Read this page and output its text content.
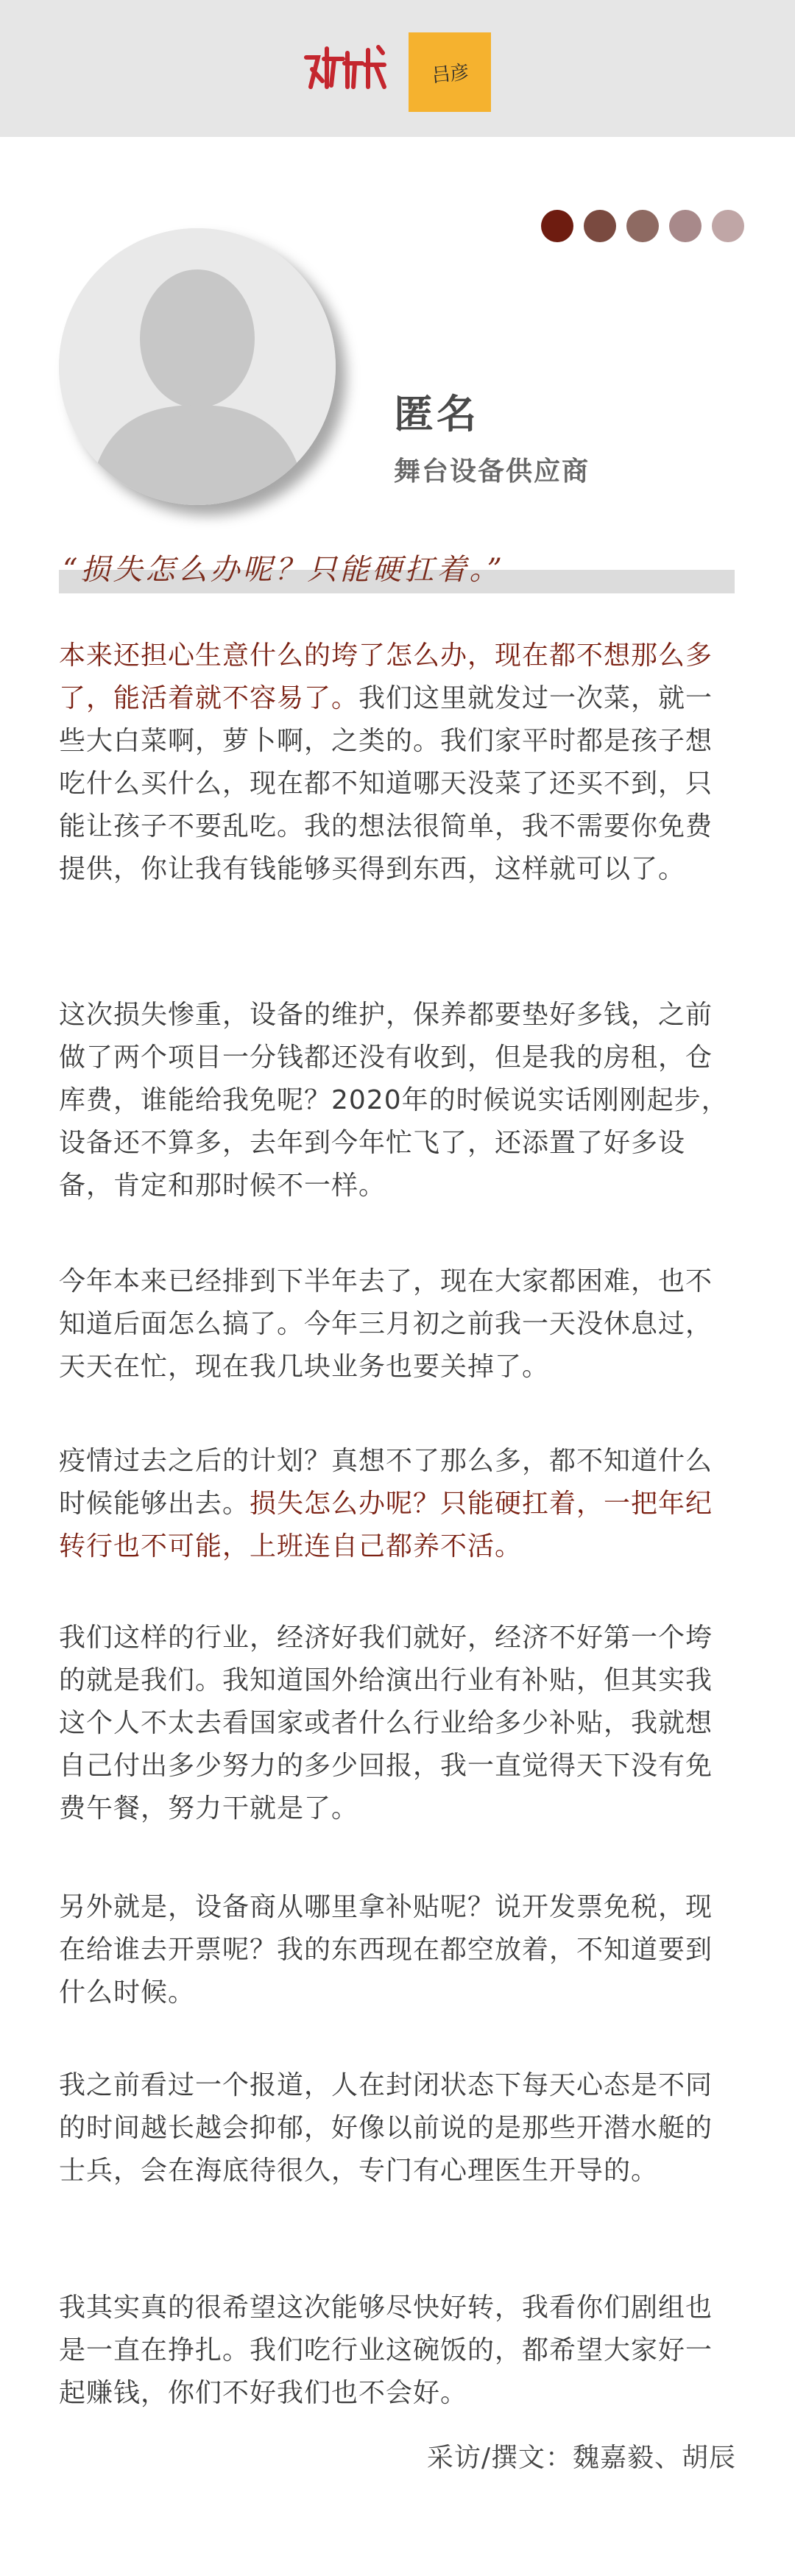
吕彦
匿名
舞台设备供应商
“损失怎么办呢？只能硬扛着。”

本来还担心生意什么的垮了怎么办，现在都不想那么多了，能活着就不容易了。我们这里就发过一次菜，就一些大白菜啊，萝卜啊，之类的。我们家平时都是孩子想吃什么买什么，现在都不知道哪天没菜了还买不到，只能让孩子不要乱吃。我的想法很简单，我不需要你免费提供，你让我有钱能够买得到东西，这样就可以了。

这次损失惨重，设备的维护，保养都要垫好多钱，之前做了两个项目一分钱都还没有收到，但是我的房租，仓库费，谁能给我免呢？2020年的时候说实话刚刚起步，设备还不算多，去年到今年忙飞了，还添置了好多设备，肯定和那时候不一样。

今年本来已经排到下半年去了，现在大家都困难，也不知道后面怎么搞了。今年三月初之前我一天没休息过，天天在忙，现在我几块业务也要关掉了。

疫情过去之后的计划？真想不了那么多，都不知道什么时候能够出去。损失怎么办呢？只能硬扛着，一把年纪转行也不可能，上班连自己都养不活。

我们这样的行业，经济好我们就好，经济不好第一个垮的就是我们。我知道国外给演出行业有补贴，但其实我这个人不太去看国家或者什么行业给多少补贴，我就想自己付出多少努力的多少回报，我一直觉得天下没有免费午餐，努力干就是了。

另外就是，设备商从哪里拿补贴呢？说开发票免税，现在给谁去开票呢？我的东西现在都空放着，不知道要到什么时候。

我之前看过一个报道，人在封闭状态下每天心态是不同的时间越长越会抑郁，好像以前说的是那些开潜水艇的士兵，会在海底待很久，专门有心理医生开导的。

我其实真的很希望这次能够尽快好转，我看你们剧组也是一直在挣扎。我们吃行业这碗饭的，都希望大家好一起赚钱，你们不好我们也不会好。

采访/撰文：魏嘉毅、胡辰
